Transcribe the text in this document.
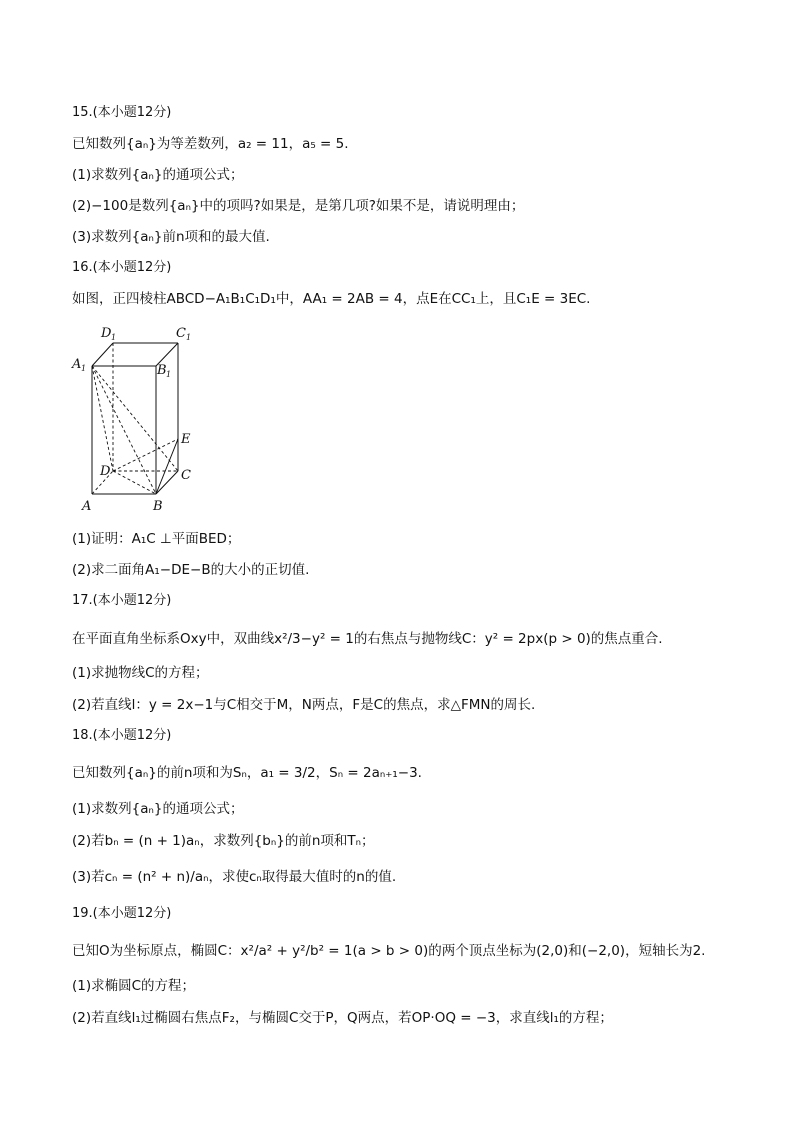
15.(本小题12分)
已知数列{aₙ}为等差数列，a₂ = 11，a₅ = 5.
(1)求数列{aₙ}的通项公式；
(2)−100是数列{aₙ}中的项吗?如果是，是第几项?如果不是，请说明理由；
(3)求数列{aₙ}前n项和的最大值.
16.(本小题12分)
如图，正四棱柱ABCD−A₁B₁C₁D₁中，AA₁ = 2AB = 4，点E在CC₁上，且C₁E = 3EC.
D 1	C 1
A 1	B 1
E
D	C
A	B
(1)证明：A₁C ⊥平面BED；
(2)求二面角A₁−DE−B的大小的正切值.
17.(本小题12分)
在平面直角坐标系Oxy中，双曲线x²/3−y² = 1的右焦点与抛物线C：y² = 2px(p > 0)的焦点重合.
(1)求抛物线C的方程；
(2)若直线l：y = 2x−1与C相交于M，N两点，F是C的焦点，求△FMN的周长.
18.(本小题12分)
已知数列{aₙ}的前n项和为Sₙ，a₁ = 3/2，Sₙ = 2aₙ₊₁−3.
(1)求数列{aₙ}的通项公式；
(2)若bₙ = (n + 1)aₙ，求数列{bₙ}的前n项和Tₙ；
(3)若cₙ = (n² + n)/aₙ，求使cₙ取得最大值时的n的值.
19.(本小题12分)
已知O为坐标原点，椭圆C：x²/a² + y²/b² = 1(a > b > 0)的两个顶点坐标为(2,0)和(−2,0)，短轴长为2.
(1)求椭圆C的方程；
(2)若直线l₁过椭圆右焦点F₂，与椭圆C交于P，Q两点，若OP·OQ = −3，求直线l₁的方程；
